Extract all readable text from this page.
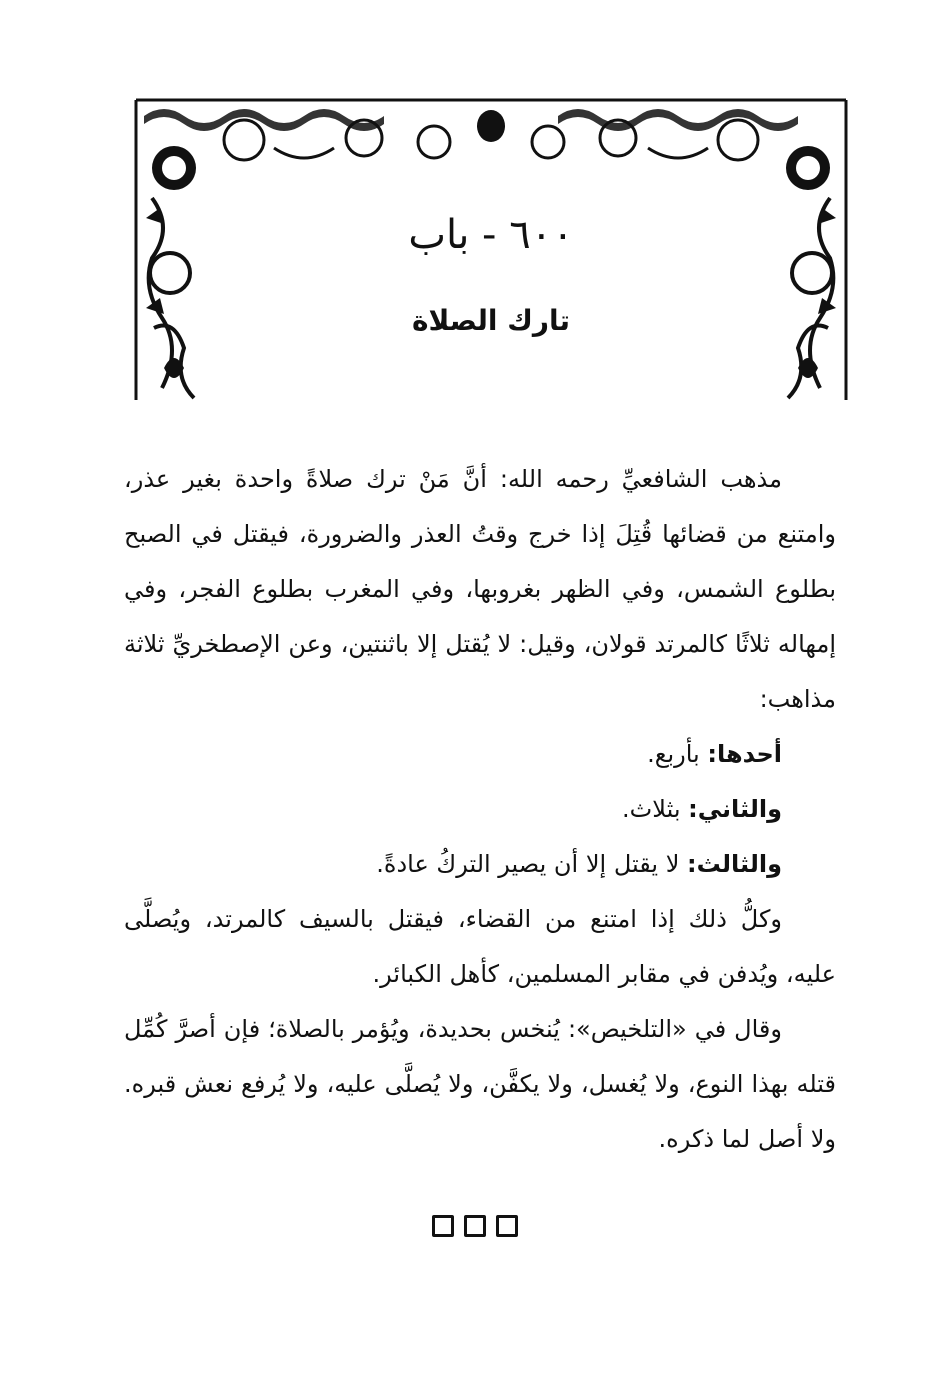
٦٠٠ - باب
تارك الصلاة

مذهب الشافعيِّ رحمه الله: أنَّ مَنْ ترك صلاةً واحدة بغير عذر، وامتنع من قضائها قُتِلَ إذا خرج وقتُ العذر والضرورة، فيقتل في الصبح بطلوع الشمس، وفي الظهر بغروبها، وفي المغرب بطلوع الفجر، وفي إمهاله ثلاثًا كالمرتد قولان، وقيل: لا يُقتل إلا باثنتين، وعن الإصطخريِّ ثلاثة مذاهب:

أحدها: بأربع.

والثاني: بثلاث.

والثالث: لا يقتل إلا أن يصير التركُ عادةً.

وكلُّ ذلك إذا امتنع من القضاء، فيقتل بالسيف كالمرتد، ويُصلَّى عليه، ويُدفن في مقابر المسلمين، كأهل الكبائر.

وقال في «التلخيص»: يُنخس بحديدة، ويُؤمر بالصلاة؛ فإن أصرَّ كُمِّل قتله بهذا النوع، ولا يُغسل، ولا يكفَّن، ولا يُصلَّى عليه، ولا يُرفع نعش قبره. ولا أصل لما ذكره.
